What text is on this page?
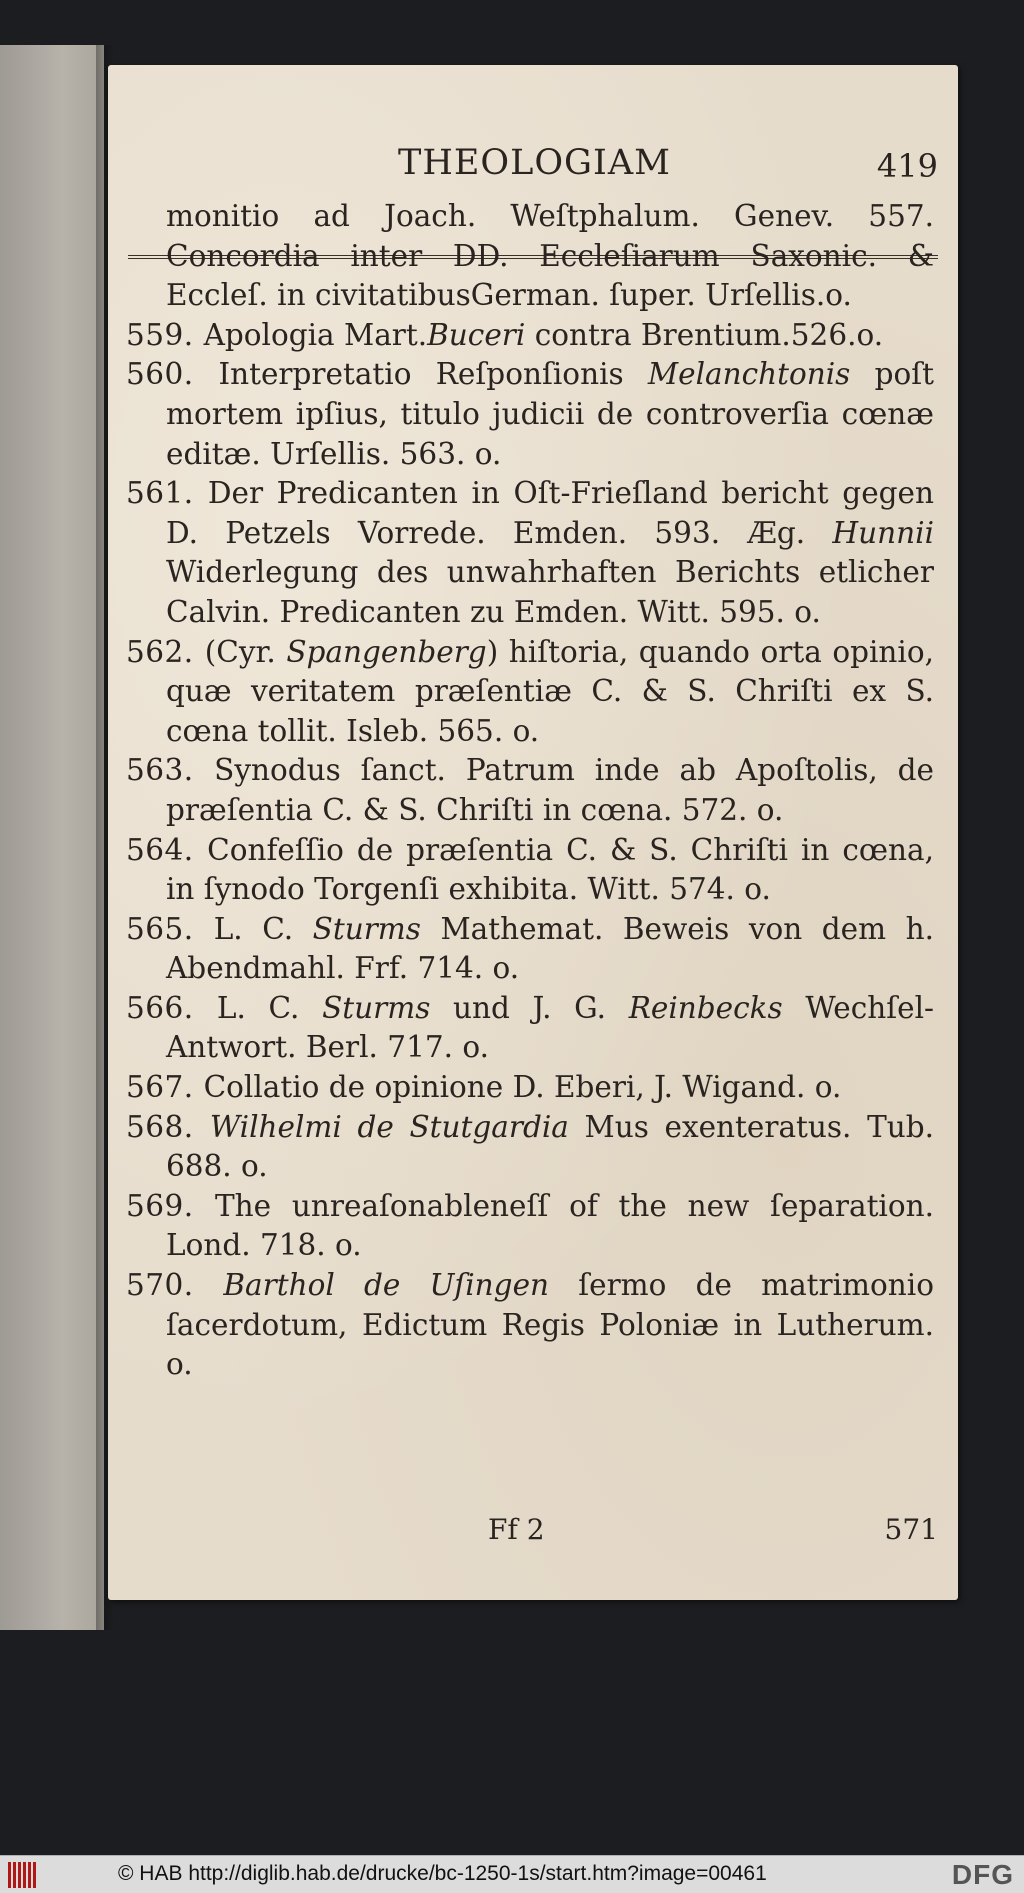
THEOLOGIAM	419

monitio ad Joach. Weſtphalum. Genev. 557. Concordia inter DD. Eccleſiarum Saxonic. & Eccleſ. in civitatibusGerman. ſuper. Urſellis.o.

559. Apologia Mart.Buceri contra Brentium.526.o.

560. Interpretatio Reſponſionis Melanchtonis poſt mortem ipſius, titulo judicii de controverſia cœnæ editæ. Urſellis. 563. o.

561. Der Predicanten in Oſt-Frieſland bericht gegen D. Petzels Vorrede. Emden. 593. Æg. Hunnii Widerlegung des unwahrhaften Berichts etlicher Calvin. Predicanten zu Emden. Witt. 595. o.

562. (Cyr. Spangenberg) hiſtoria, quando orta opinio, quæ veritatem præſentiæ C. & S. Chriſti ex S. cœna tollit. Isleb. 565. o.

563. Synodus ſanct. Patrum inde ab Apoſtolis, de præſentia C. & S. Chriſti in cœna. 572. o.

564. Confeſſio de præſentia C. & S. Chriſti in cœna, in ſynodo Torgenſi exhibita. Witt. 574. o.

565. L. C. Sturms Mathemat. Beweis von dem h. Abendmahl. Frf. 714. o.

566. L. C. Sturms und J. G. Reinbecks Wechſel-Antwort. Berl. 717. o.

567. Collatio de opinione D. Eberi, J. Wigand. o.

568. Wilhelmi de Stutgardia Mus exenteratus. Tub. 688. o.

569. The unreaſonableneſſ of the new ſeparation. Lond. 718. o.

570. Barthol de Uſingen ſermo de matrimonio ſacerdotum, Edictum Regis Poloniæ in Lutherum. o.

Ff 2	571
© HAB http://diglib.hab.de/drucke/bc-1250-1s/start.htm?image=00461	DFG
